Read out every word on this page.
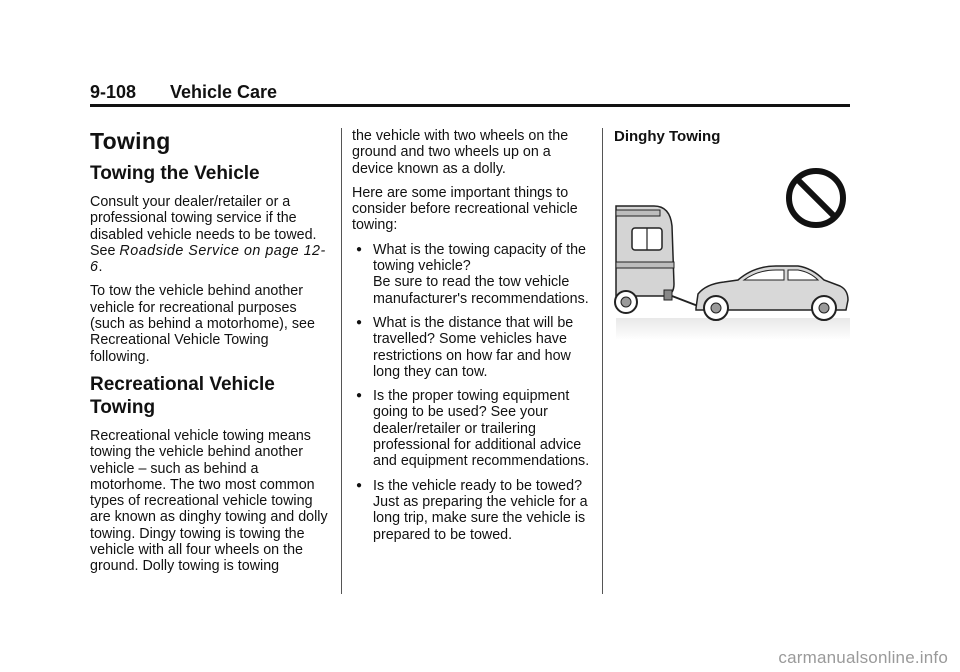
9-108 Vehicle Care
Towing
Towing the Vehicle

Consult your dealer/retailer or a professional towing service if the disabled vehicle needs to be towed. See Roadside Service on page 12-6.

To tow the vehicle behind another vehicle for recreational purposes (such as behind a motorhome), see Recreational Vehicle Towing following.

Recreational Vehicle Towing

Recreational vehicle towing means towing the vehicle behind another vehicle – such as behind a motorhome. The two most common types of recreational vehicle towing are known as dinghy towing and dolly towing. Dingy towing is towing the vehicle with all four wheels on the ground. Dolly towing is towing

the vehicle with two wheels on the ground and two wheels up on a device known as a dolly.

Here are some important things to consider before recreational vehicle towing:

● What is the towing capacity of the towing vehicle?
Be sure to read the tow vehicle manufacturer's recommendations.
● What is the distance that will be travelled? Some vehicles have restrictions on how far and how long they can tow.
● Is the proper towing equipment going to be used? See your dealer/retailer or trailering professional for additional advice and equipment recommendations.
● Is the vehicle ready to be towed? Just as preparing the vehicle for a long trip, make sure the vehicle is prepared to be towed.
Dinghy Towing
carmanualsonline.info
